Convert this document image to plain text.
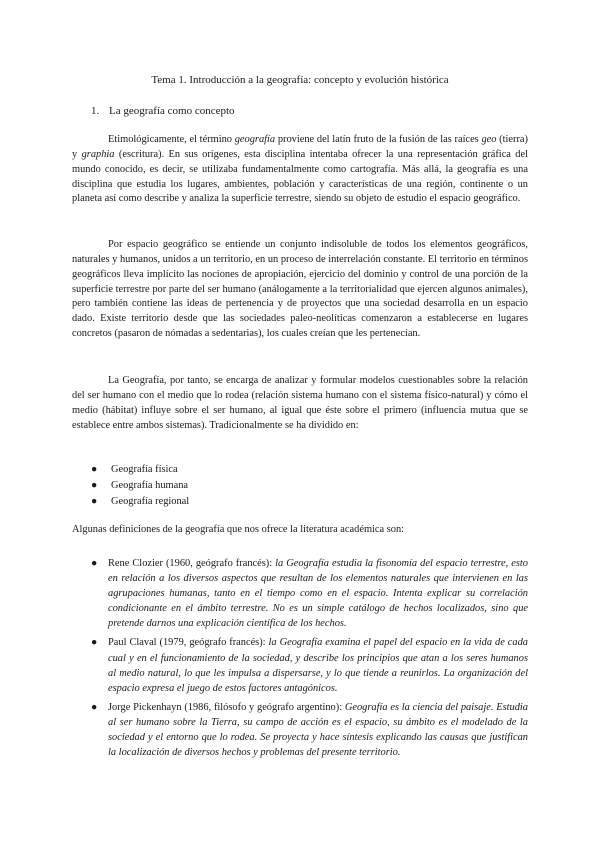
Tema 1. Introducción a la geografía: concepto y evolución histórica
1. La geografía como concepto

Etimológicamente, el término geografía proviene del latín fruto de la fusión de las raíces geo (tierra) y graphia (escritura). En sus orígenes, esta disciplina intentaba ofrecer la una representación gráfica del mundo conocido, es decir, se utilizaba fundamentalmente como cartografía. Más allá, la geografía es una disciplina que estudia los lugares, ambientes, población y características de una región, continente o un planeta así como describe y analiza la superficie terrestre, siendo su objeto de estudio el espacio geográfico.

Por espacio geográfico se entiende un conjunto indisoluble de todos los elementos geográficos, naturales y humanos, unidos a un territorio, en un proceso de interrelación constante. El territorio en términos geográficos lleva implícito las nociones de apropiación, ejercicio del dominio y control de una porción de la superficie terrestre por parte del ser humano (análogamente a la territorialidad que ejercen algunos animales), pero también contiene las ideas de pertenencia y de proyectos que una sociedad desarrolla en un espacio dado. Existe territorio desde que las sociedades paleo-neolíticas comenzaron a establecerse en lugares concretos (pasaron de nómadas a sedentarias), los cuales creían que les pertenecían.

La Geografía, por tanto, se encarga de analizar y formular modelos cuestionables sobre la relación del ser humano con el medio que lo rodea (relación sistema humano con el sistema físico-natural) y cómo el medio (hábitat) influye sobre el ser humano, al igual que éste sobre el primero (influencia mutua que se establece entre ambos sistemas). Tradicionalmente se ha dividido en:

● Geografía física
● Geografía humana
● Geografía regional

Algunas definiciones de la geografía que nos ofrece la literatura académica son:

● Rene Clozier (1960, geógrafo francés): la Geografía estudia la fisonomía del espacio terrestre, esto en relación a los diversos aspectos que resultan de los elementos naturales que intervienen en las agrupaciones humanas, tanto en el tiempo como en el espacio. Intenta explicar su correlación condicionante en el ámbito terrestre. No es un simple catálogo de hechos localizados, sino que pretende darnos una explicación científica de los hechos.
● Paul Claval (1979, geógrafo francés): la Geografía examina el papel del espacio en la vida de cada cual y en el funcionamiento de la sociedad, y describe los principios que atan a los seres humanos al medio natural, lo que les impulsa a dispersarse, y lo que tiende a reunirlos. La organización del espacio expresa el juego de estos factores antagónicos.
● Jorge Pickenhayn (1986, filósofo y geógrafo argentino): Geografía es la ciencia del paisaje. Estudia al ser humano sobre la Tierra, su campo de acción es el espacio, su ámbito es el modelado de la sociedad y el entorno que lo rodea. Se proyecta y hace síntesis explicando las causas que justifican la localización de diversos hechos y problemas del presente territorio.
